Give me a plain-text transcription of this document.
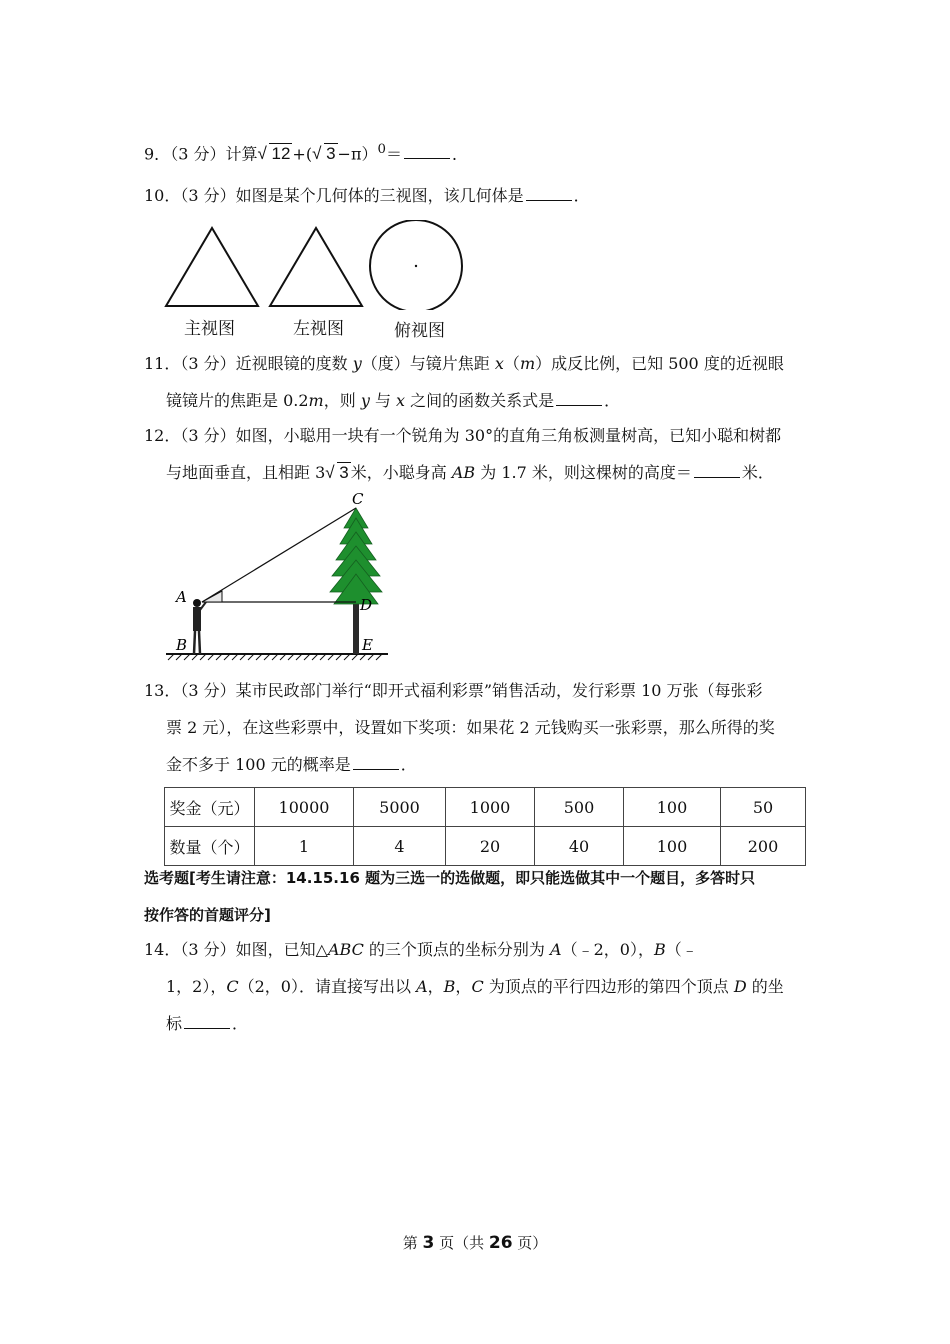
9．（3 分）计算 √ 12 +( √ 3 −π）$^0$＝	．
10．（3 分）如图是某个几何体的三视图，该几何体是	．
主视图	左视图	俯视图
11．（3 分）近视眼镜的度数 y（度）与镜片焦距 x（m）成反比例，已知 500 度的近视眼
镜镜片的焦距是 0.2m，则 y 与 x 之间的函数关系式是	．
12．（3 分）如图，小聪用一块有一个锐角为 30°的直角三角板测量树高，已知小聪和树都
与地面垂直，且相距 3 √ 3 米，小聪身高 AB 为 1.7 米，则这棵树的高度＝	米．
A
B
C
D
E
13．（3 分）某市民政部门举行“即开式福利彩票”销售活动，发行彩票 10 万张（每张彩
票 2 元），在这些彩票中，设置如下奖项：如果花 2 元钱购买一张彩票，那么所得的奖
金不多于 100 元的概率是	．
奖金（元）	10000	5000	1000	500	100	50
数量（个）	1	4	20	40	100	200
选考题[考生请注意：14.15.16 题为三选一的选做题，即只能选做其中一个题目，多答时只
按作答的首题评分]
14．（3 分）如图，已知△ABC 的三个顶点的坐标分别为 A（﹣2，0），B（﹣
1，2），C（2，0）．请直接写出以 A，B，C 为顶点的平行四边形的第四个顶点 D 的坐
标	．
第 3 页（共 26 页）
